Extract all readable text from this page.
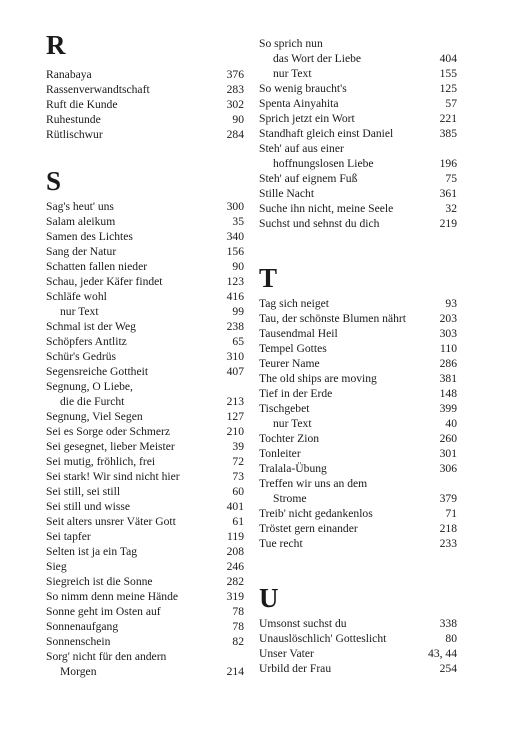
R
Ranabaya	376
Rassenverwandtschaft	283
Ruft die Kunde	302
Ruhestunde	90
Rütlischwur	284
S
Sag's heut' uns	300
Salam aleikum	35
Samen des Lichtes	340
Sang der Natur	156
Schatten fallen nieder	90
Schau, jeder Käfer findet	123
Schläfe wohl	416
nur Text	99
Schmal ist der Weg	238
Schöpfers Antlitz	65
Schür's Gedrüs	310
Segensreiche Gottheit	407
Segnung, O Liebe,
die die Furcht	213
Segnung, Viel Segen	127
Sei es Sorge oder Schmerz	210
Sei gesegnet, lieber Meister	39
Sei mutig, fröhlich, frei	72
Sei stark! Wir sind nicht hier	73
Sei still, sei still	60
Sei still und wisse	401
Seit alters unsrer Väter Gott	61
Sei tapfer	119
Selten ist ja ein Tag	208
Sieg	246
Siegreich ist die Sonne	282
So nimm denn meine Hände	319
Sonne geht im Osten auf	78
Sonnenaufgang	78
Sonnenschein	82
Sorg' nicht für den andern
Morgen	214
So sprich nun
das Wort der Liebe	404
nur Text	155
So wenig braucht's	125
Spenta Ainyahita	57
Sprich jetzt ein Wort	221
Standhaft gleich einst Daniel	385
Steh' auf aus einer
hoffnungslosen Liebe	196
Steh' auf eignem Fuß	75
Stille Nacht	361
Suche ihn nicht, meine Seele	32
Suchst und sehnst du dich	219
T
Tag sich neiget	93
Tau, der schönste Blumen nährt	203
Tausendmal Heil	303
Tempel Gottes	110
Teurer Name	286
The old ships are moving	381
Tief in der Erde	148
Tischgebet	399
nur Text	40
Tochter Zion	260
Tonleiter	301
Tralala-Übung	306
Treffen wir uns an dem
Strome	379
Treib' nicht gedankenlos	71
Tröstet gern einander	218
Tue recht	233
U
Umsonst suchst du	338
Unauslöschlich' Gotteslicht	80
Unser Vater	43, 44
Urbild der Frau	254
